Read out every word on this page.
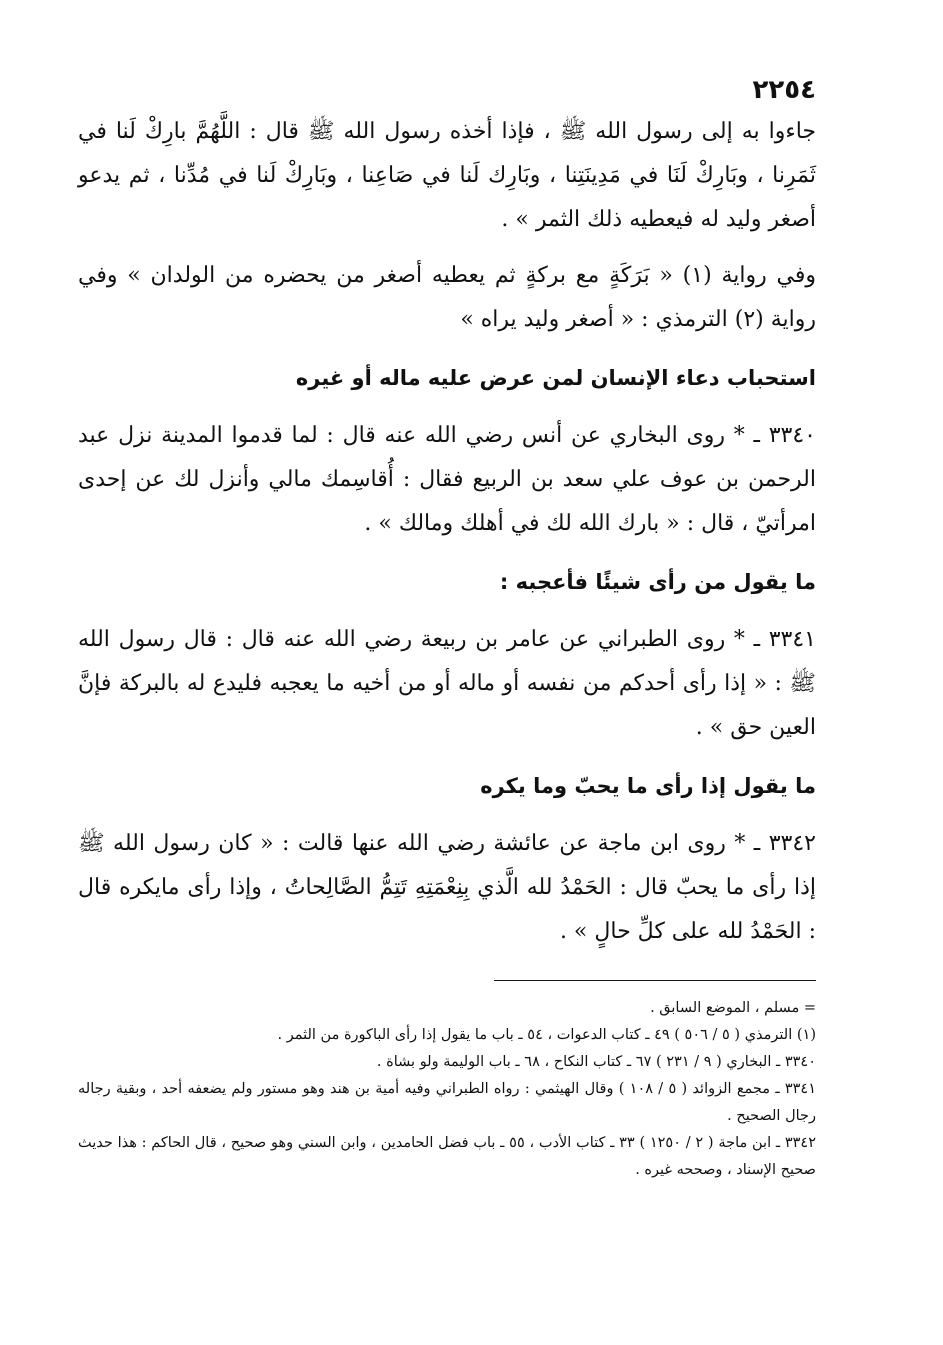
٢٢٥٤

جاءوا به إلى رسول الله ﷺ ، فإذا أخذه رسول الله ﷺ قال : اللَّهُمَّ بارِكْ لَنا في ثَمَرِنا ، وبَارِكْ لَنَا في مَدِينَتِنا ، وبَارِك لَنا في صَاعِنا ، وبَارِكْ لَنا في مُدِّنا ، ثم يدعو أصغر وليد له فيعطيه ذلك الثمر » .

وفي رواية (١) « بَرَكَةٍ مع بركةٍ ثم يعطيه أصغر من يحضره من الولدان » وفي رواية (٢) الترمذي : « أصغر وليد يراه »

استحباب دعاء الإنسان لمن عرض عليه ماله أو غيره

٣٣٤٠ ـ * روى البخاري عن أنس رضي الله عنه قال : لما قدموا المدينة نزل عبد الرحمن بن عوف علي سعد بن الربيع فقال : أُقاسِمك مالي وأنزل لك عن إحدى امرأتيّ ، قال : « بارك الله لك في أهلك ومالك » .

ما يقول من رأى شيئًا فأعجبه :

٣٣٤١ ـ * روى الطبراني عن عامر بن ربيعة رضي الله عنه قال : قال رسول الله ﷺ : « إذا رأى أحدكم من نفسه أو ماله أو من أخيه ما يعجبه فليدع له بالبركة فإنَّ العين حق » .

ما يقول إذا رأى ما يحبّ وما يكره

٣٣٤٢ ـ * روى ابن ماجة عن عائشة رضي الله عنها قالت : « كان رسول الله ﷺ إذا رأى ما يحبّ قال : الحَمْدُ لله الَّذي بِنِعْمَتِهِ تَتِمُّ الصَّالِحاتُ ، وإذا رأى مايكره قال : الحَمْدُ لله على كلِّ حالٍ » .

= مسلم ، الموضع السابق .

(١) الترمذي ( ٥ / ٥٠٦ ) ٤٩ ـ كتاب الدعوات ، ٥٤ ـ باب ما يقول إذا رأى الباكورة من الثمر .

٣٣٤٠ ـ البخاري ( ٩ / ٢٣١ ) ٦٧ ـ كتاب النكاح ، ٦٨ ـ باب الوليمة ولو بشاة .

٣٣٤١ ـ مجمع الزوائد ( ٥ / ١٠٨ ) وقال الهيثمي : رواه الطبراني وفيه أمية بن هند وهو مستور ولم يضعفه أحد ، وبقية رجاله رجال الصحيح .

٣٣٤٢ ـ ابن ماجة ( ٢ / ١٢٥٠ ) ٣٣ ـ كتاب الأدب ، ٥٥ ـ باب فضل الحامدين ، وابن السني وهو صحيح ، قال الحاكم : هذا حديث صحيح الإسناد ، وصححه غيره .
